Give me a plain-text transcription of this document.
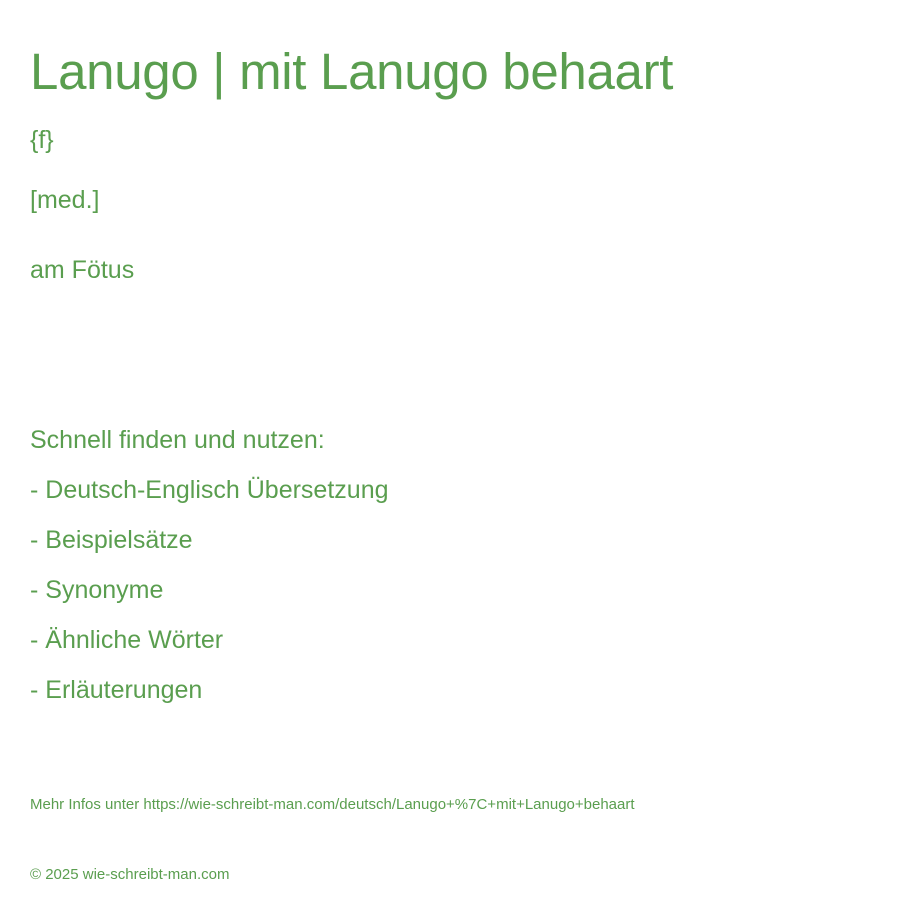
Lanugo | mit Lanugo behaart
{f}
[med.]
am Fötus
Schnell finden und nutzen:
- Deutsch-Englisch Übersetzung
- Beispielsätze
- Synonyme
- Ähnliche Wörter
- Erläuterungen
Mehr Infos unter https://wie-schreibt-man.com/deutsch/Lanugo+%7C+mit+Lanugo+behaart
© 2025 wie-schreibt-man.com
